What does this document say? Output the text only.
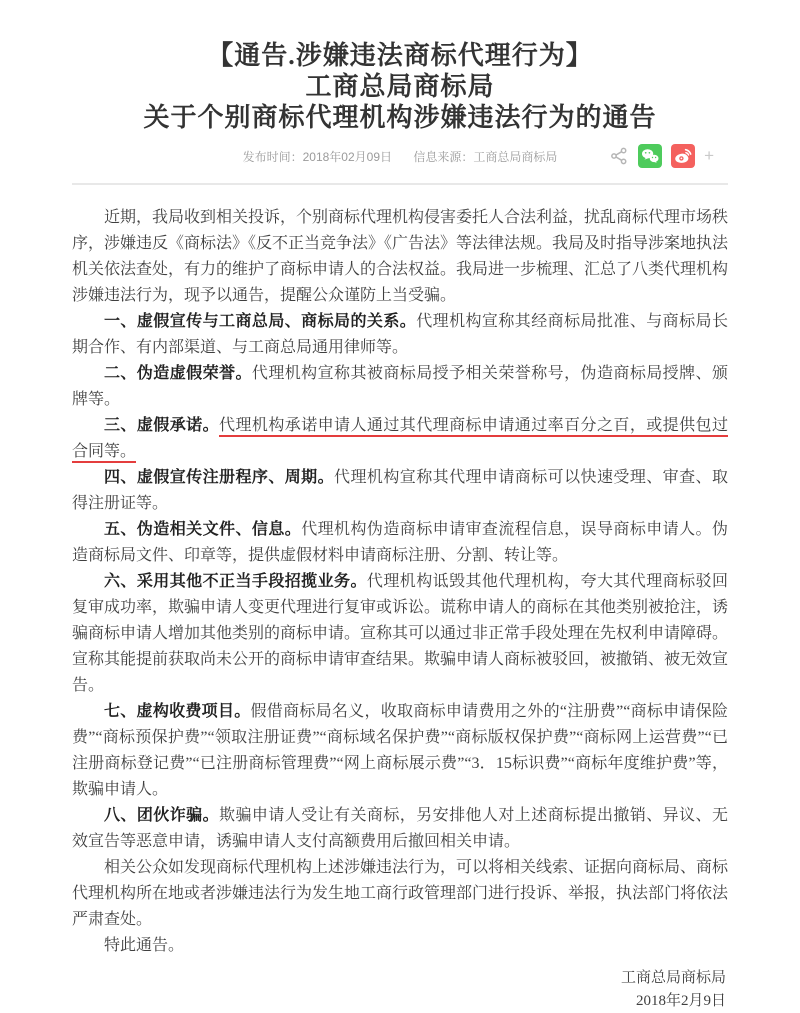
【通告.涉嫌违法商标代理行为】
工商总局商标局
关于个别商标代理机构涉嫌违法行为的通告
发布时间：2018年02月09日 信息来源：工商总局商标局	+

近期，我局收到相关投诉，个别商标代理机构侵害委托人合法利益，扰乱商标代理市场秩序，涉嫌违反《商标法》《反不正当竞争法》《广告法》等法律法规。我局及时指导涉案地执法机关依法查处，有力的维护了商标申请人的合法权益。我局进一步梳理、汇总了八类代理机构涉嫌违法行为，现予以通告，提醒公众谨防上当受骗。

一、虚假宣传与工商总局、商标局的关系。代理机构宣称其经商标局批准、与商标局长期合作、有内部渠道、与工商总局通用律师等。

二、伪造虚假荣誉。代理机构宣称其被商标局授予相关荣誉称号，伪造商标局授牌、颁牌等。

三、虚假承诺。代理机构承诺申请人通过其代理商标申请通过率百分之百，或提供包过合同等。

四、虚假宣传注册程序、周期。代理机构宣称其代理申请商标可以快速受理、审查、取得注册证等。

五、伪造相关文件、信息。代理机构伪造商标申请审查流程信息，误导商标申请人。伪造商标局文件、印章等，提供虚假材料申请商标注册、分割、转让等。

六、采用其他不正当手段招揽业务。代理机构诋毁其他代理机构，夸大其代理商标驳回复审成功率，欺骗申请人变更代理进行复审或诉讼。谎称申请人的商标在其他类别被抢注，诱骗商标申请人增加其他类别的商标申请。宣称其可以通过非正常手段处理在先权利申请障碍。宣称其能提前获取尚未公开的商标申请审查结果。欺骗申请人商标被驳回，被撤销、被无效宣告。

七、虚构收费项目。假借商标局名义，收取商标申请费用之外的“注册费”“商标申请保险费”“商标预保护费”“领取注册证费”“商标域名保护费”“商标版权保护费”“商标网上运营费”“已注册商标登记费”“已注册商标管理费”“网上商标展示费”“3．15标识费”“商标年度维护费”等，欺骗申请人。

八、团伙诈骗。欺骗申请人受让有关商标，另安排他人对上述商标提出撤销、异议、无效宣告等恶意申请，诱骗申请人支付高额费用后撤回相关申请。

相关公众如发现商标代理机构上述涉嫌违法行为，可以将相关线索、证据向商标局、商标代理机构所在地或者涉嫌违法行为发生地工商行政管理部门进行投诉、举报，执法部门将依法严肃查处。

特此通告。

工商总局商标局
2018年2月9日
